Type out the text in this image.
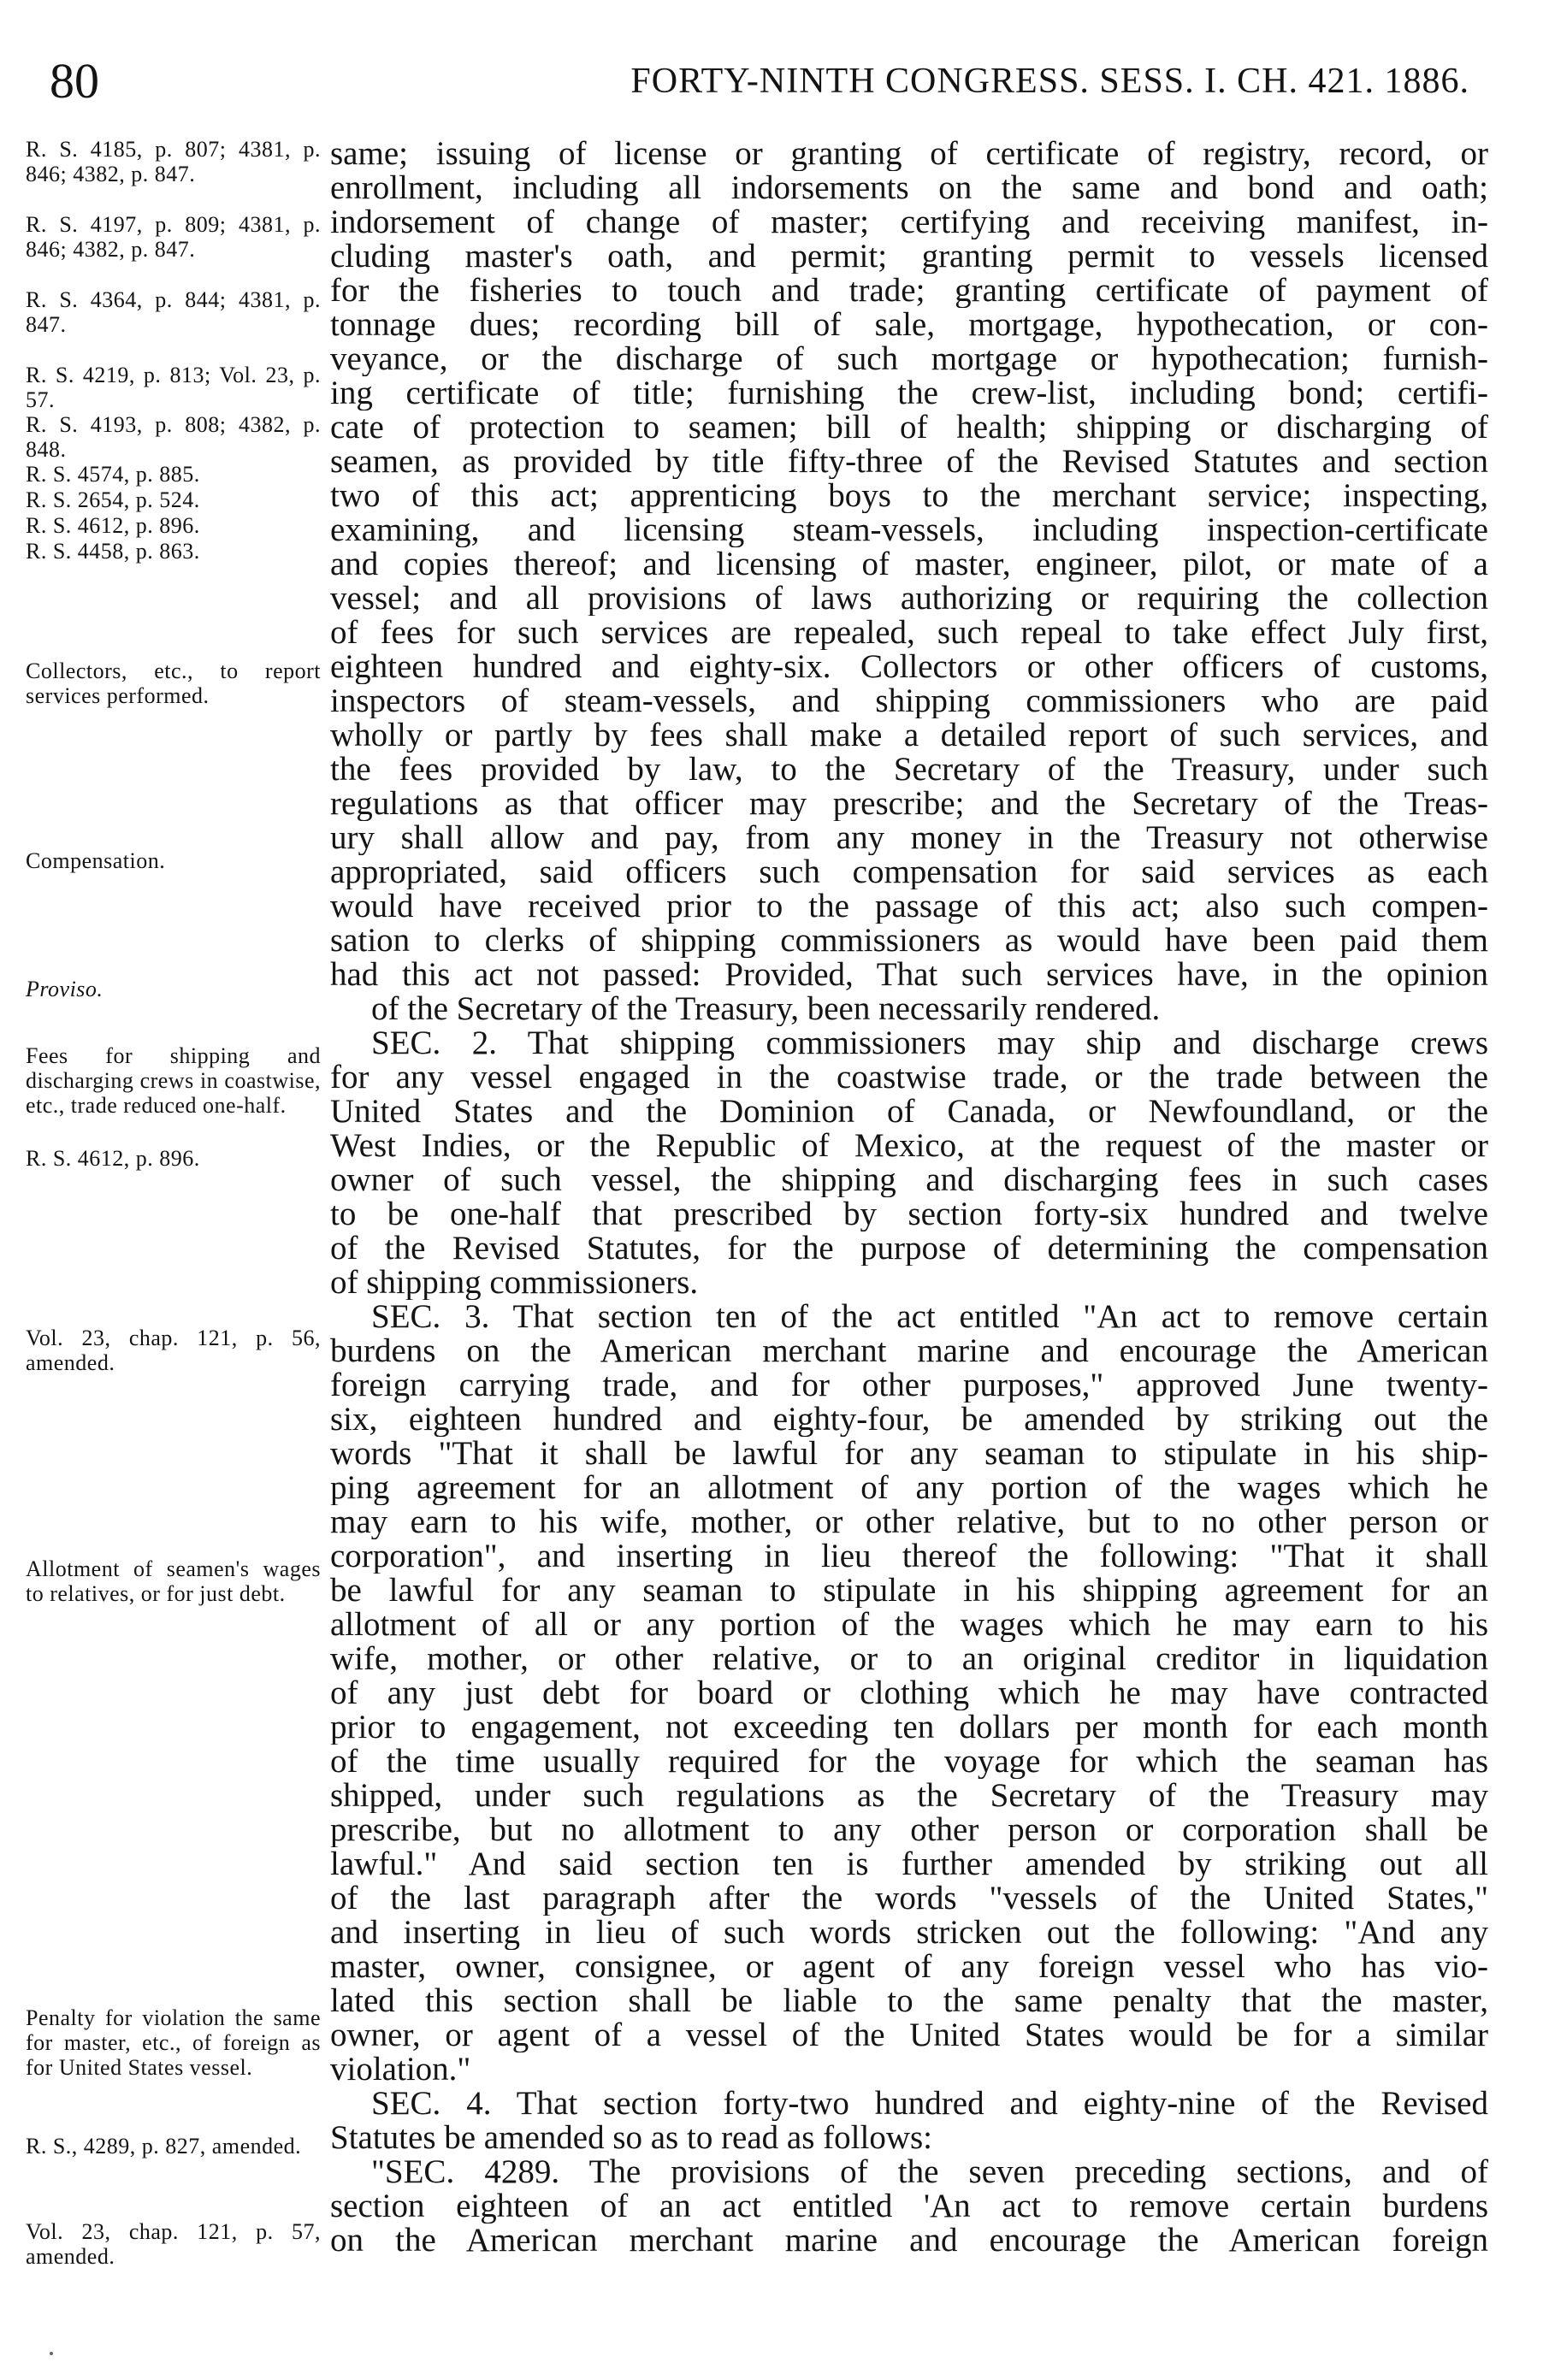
80	FORTY-NINTH CONGRESS. SESS. I. CH. 421. 1886.
R. S. 4185, p. 807; 4381, p. 846; 4382, p. 847.
R. S. 4197, p. 809; 4381, p. 846; 4382, p. 847.
R. S. 4364, p. 844; 4381, p. 847.
R. S. 4219, p. 813; Vol. 23, p. 57.
R. S. 4193, p. 808; 4382, p. 848.
R. S. 4574, p. 885.
R. S. 2654, p. 524.
R. S. 4612, p. 896.
R. S. 4458, p. 863.
Collectors, etc., to report services performed.
Compensation.
Proviso.
Fees for shipping and discharging crews in coastwise, etc., trade reduced one-half.
R. S. 4612, p. 896.
Vol. 23, chap. 121, p. 56, amended.
Allotment of seamen's wages to relatives, or for just debt.
Penalty for violation the same for master, etc., of foreign as for United States vessel.
R. S., 4289, p. 827, amended.
Vol. 23, chap. 121, p. 57, amended.
same; issuing of license or granting of certificate of registry, record, or
enrollment, including all indorsements on the same and bond and oath;
indorsement of change of master; certifying and receiving manifest, in-
cluding master's oath, and permit; granting permit to vessels licensed
for the fisheries to touch and trade; granting certificate of payment of
tonnage dues; recording bill of sale, mortgage, hypothecation, or con-
veyance, or the discharge of such mortgage or hypothecation; furnish-
ing certificate of title; furnishing the crew-list, including bond; certifi-
cate of protection to seamen; bill of health; shipping or discharging of
seamen, as provided by title fifty-three of the Revised Statutes and section
two of this act; apprenticing boys to the merchant service; inspecting,
examining, and licensing steam-vessels, including inspection-certificate
and copies thereof; and licensing of master, engineer, pilot, or mate of a
vessel; and all provisions of laws authorizing or requiring the collection
of fees for such services are repealed, such repeal to take effect July first,
eighteen hundred and eighty-six. Collectors or other officers of customs,
inspectors of steam-vessels, and shipping commissioners who are paid
wholly or partly by fees shall make a detailed report of such services, and
the fees provided by law, to the Secretary of the Treasury, under such
regulations as that officer may prescribe; and the Secretary of the Treas-
ury shall allow and pay, from any money in the Treasury not otherwise
appropriated, said officers such compensation for said services as each
would have received prior to the passage of this act; also such compen-
sation to clerks of shipping commissioners as would have been paid them
had this act not passed: Provided, That such services have, in the opinion
of the Secretary of the Treasury, been necessarily rendered.
SEC. 2. That shipping commissioners may ship and discharge crews
for any vessel engaged in the coastwise trade, or the trade between the
United States and the Dominion of Canada, or Newfoundland, or the
West Indies, or the Republic of Mexico, at the request of the master or
owner of such vessel, the shipping and discharging fees in such cases
to be one-half that prescribed by section forty-six hundred and twelve
of the Revised Statutes, for the purpose of determining the compensation
of shipping commissioners.
SEC. 3. That section ten of the act entitled "An act to remove certain
burdens on the American merchant marine and encourage the American
foreign carrying trade, and for other purposes," approved June twenty-
six, eighteen hundred and eighty-four, be amended by striking out the
words "That it shall be lawful for any seaman to stipulate in his ship-
ping agreement for an allotment of any portion of the wages which he
may earn to his wife, mother, or other relative, but to no other person or
corporation", and inserting in lieu thereof the following: "That it shall
be lawful for any seaman to stipulate in his shipping agreement for an
allotment of all or any portion of the wages which he may earn to his
wife, mother, or other relative, or to an original creditor in liquidation
of any just debt for board or clothing which he may have contracted
prior to engagement, not exceeding ten dollars per month for each month
of the time usually required for the voyage for which the seaman has
shipped, under such regulations as the Secretary of the Treasury may
prescribe, but no allotment to any other person or corporation shall be
lawful." And said section ten is further amended by striking out all
of the last paragraph after the words "vessels of the United States,"
and inserting in lieu of such words stricken out the following: "And any
master, owner, consignee, or agent of any foreign vessel who has vio-
lated this section shall be liable to the same penalty that the master,
owner, or agent of a vessel of the United States would be for a similar
violation."
SEC. 4. That section forty-two hundred and eighty-nine of the Revised
Statutes be amended so as to read as follows:
"SEC. 4289. The provisions of the seven preceding sections, and of
section eighteen of an act entitled 'An act to remove certain burdens
on the American merchant marine and encourage the American foreign
